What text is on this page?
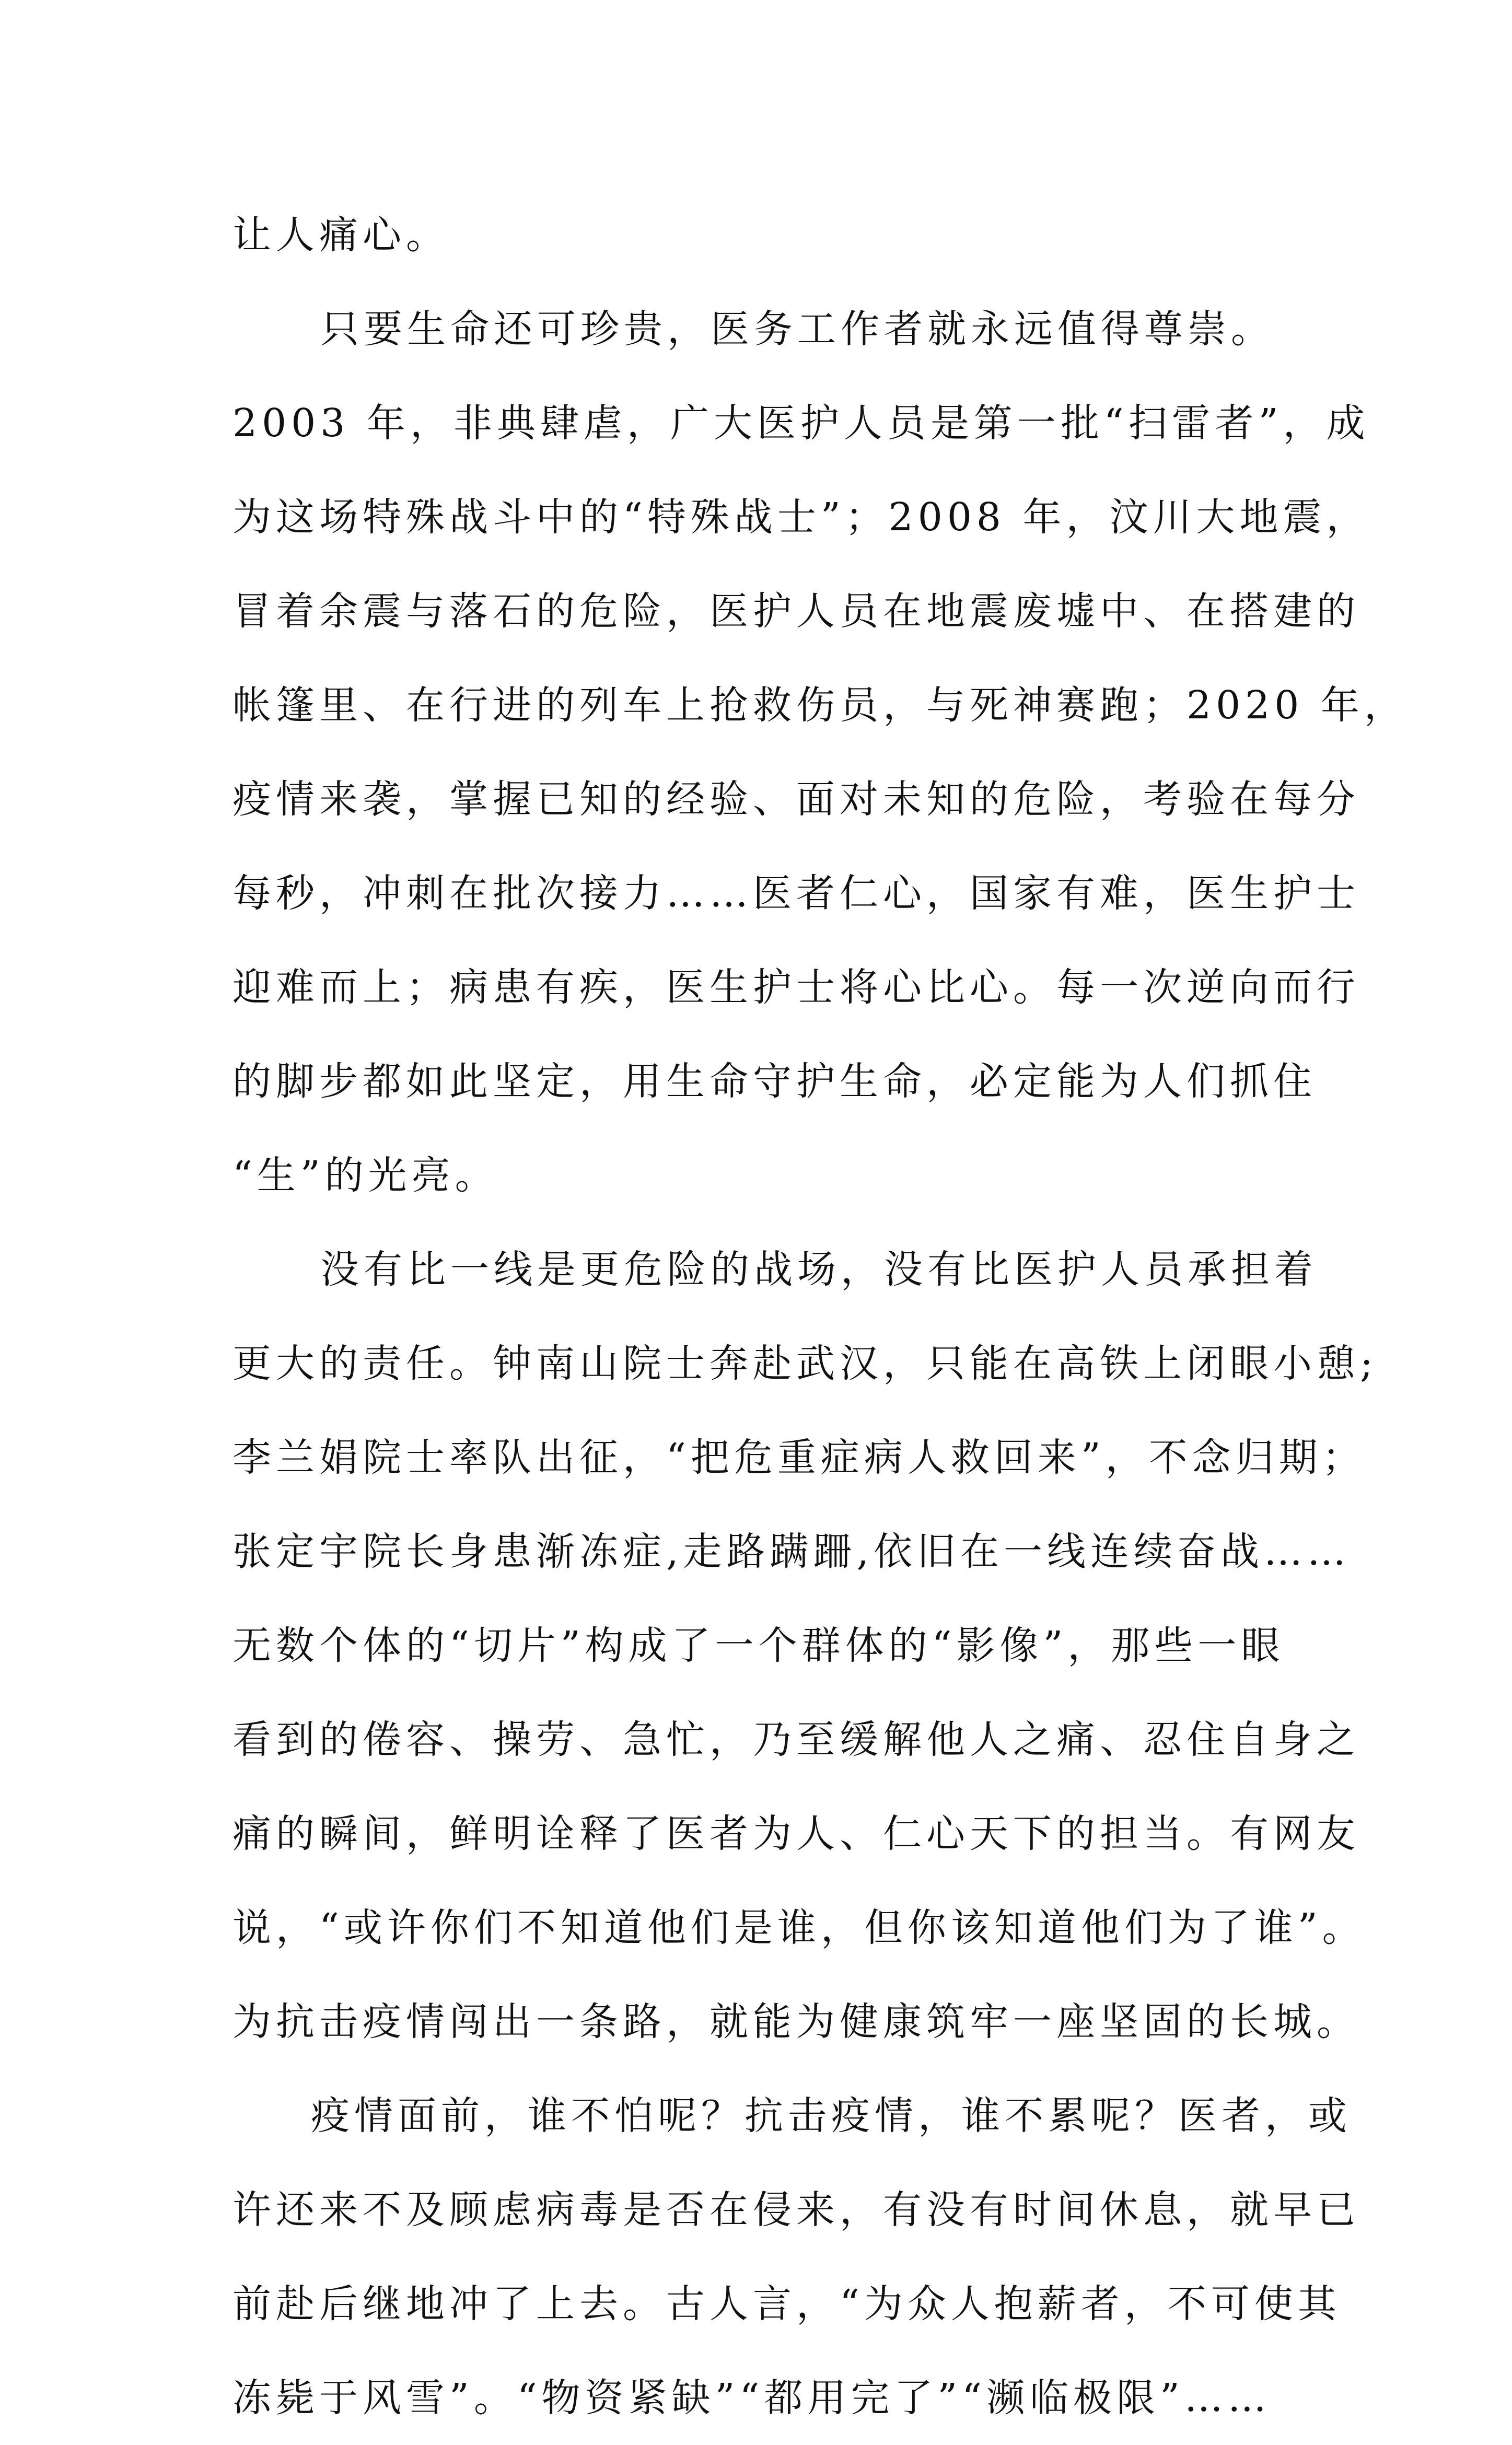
让人痛心。
只要生命还可珍贵，医务工作者就永远值得尊崇。
2003 年，非典肆虐，广大医护人员是第一批“扫雷者”，成
为这场特殊战斗中的“特殊战士”；2008 年，汶川大地震，
冒着余震与落石的危险，医护人员在地震废墟中、在搭建的
帐篷里、在行进的列车上抢救伤员，与死神赛跑；2020 年，
疫情来袭，掌握已知的经验、面对未知的危险，考验在每分
每秒，冲刺在批次接力……医者仁心，国家有难，医生护士
迎难而上；病患有疾，医生护士将心比心。每一次逆向而行
的脚步都如此坚定，用生命守护生命，必定能为人们抓住
“生”的光亮。
没有比一线是更危险的战场，没有比医护人员承担着
更大的责任。钟南山院士奔赴武汉，只能在高铁上闭眼小憩;
李兰娟院士率队出征，“把危重症病人救回来”，不念归期；
张定宇院长身患渐冻症,走路蹒跚,依旧在一线连续奋战……
无数个体的“切片”构成了一个群体的“影像”，那些一眼
看到的倦容、操劳、急忙，乃至缓解他人之痛、忍住自身之
痛的瞬间，鲜明诠释了医者为人、仁心天下的担当。有网友
说，“或许你们不知道他们是谁，但你该知道他们为了谁”。
为抗击疫情闯出一条路，就能为健康筑牢一座坚固的长城。
疫情面前，谁不怕呢？抗击疫情，谁不累呢？医者，或
许还来不及顾虑病毒是否在侵来，有没有时间休息，就早已
前赴后继地冲了上去。古人言，“为众人抱薪者，不可使其
冻毙于风雪”。“物资紧缺”“都用完了”“濒临极限”……
